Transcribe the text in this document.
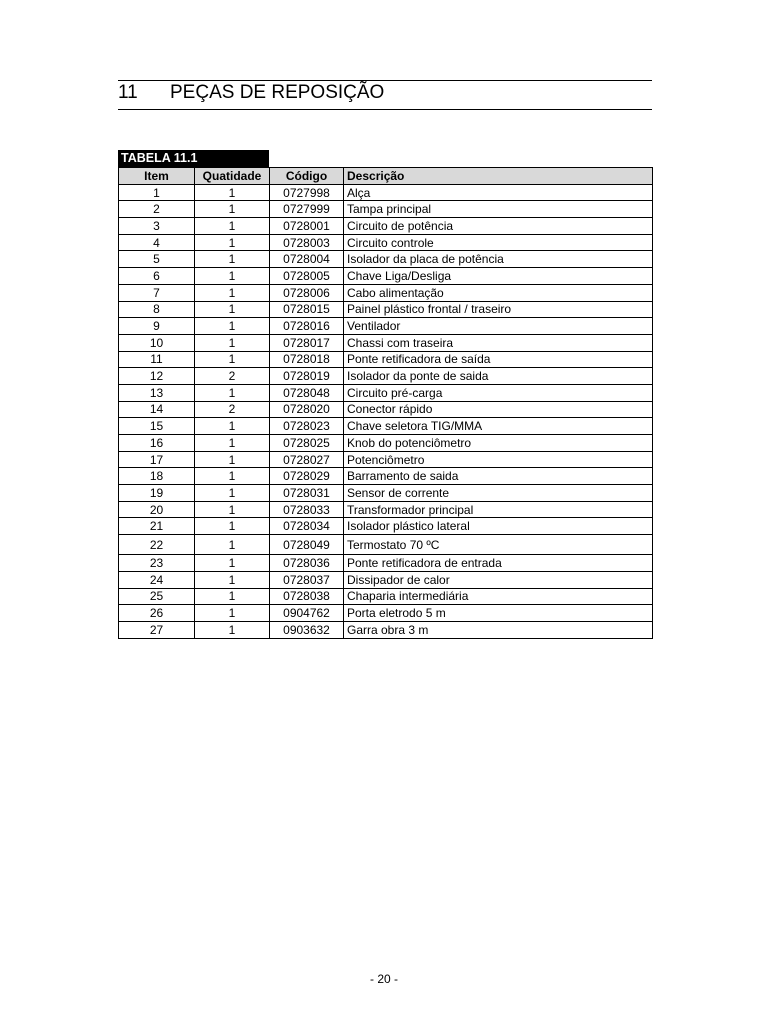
11 PEÇAS DE REPOSIÇÃO
TABELA 11.1
Item	Quatidade	Código	Descrição
1	1	0727998	Alça
2	1	0727999	Tampa principal
3	1	0728001	Circuito de potência
4	1	0728003	Circuito controle
5	1	0728004	Isolador da placa de potência
6	1	0728005	Chave Liga/Desliga
7	1	0728006	Cabo alimentação
8	1	0728015	Painel plástico frontal / traseiro
9	1	0728016	Ventilador
10	1	0728017	Chassi com traseira
11	1	0728018	Ponte retificadora de saída
12	2	0728019	Isolador da ponte de saida
13	1	0728048	Circuito pré-carga
14	2	0728020	Conector rápido
15	1	0728023	Chave seletora TIG/MMA
16	1	0728025	Knob do potenciômetro
17	1	0728027	Potenciômetro
18	1	0728029	Barramento de saida
19	1	0728031	Sensor de corrente
20	1	0728033	Transformador principal
21	1	0728034	Isolador plástico lateral
22	1	0728049	Termostato 70 ºC
23	1	0728036	Ponte retificadora de entrada
24	1	0728037	Dissipador de calor
25	1	0728038	Chaparia intermediária
26	1	0904762	Porta eletrodo 5 m
27	1	0903632	Garra obra 3 m
- 20 -
